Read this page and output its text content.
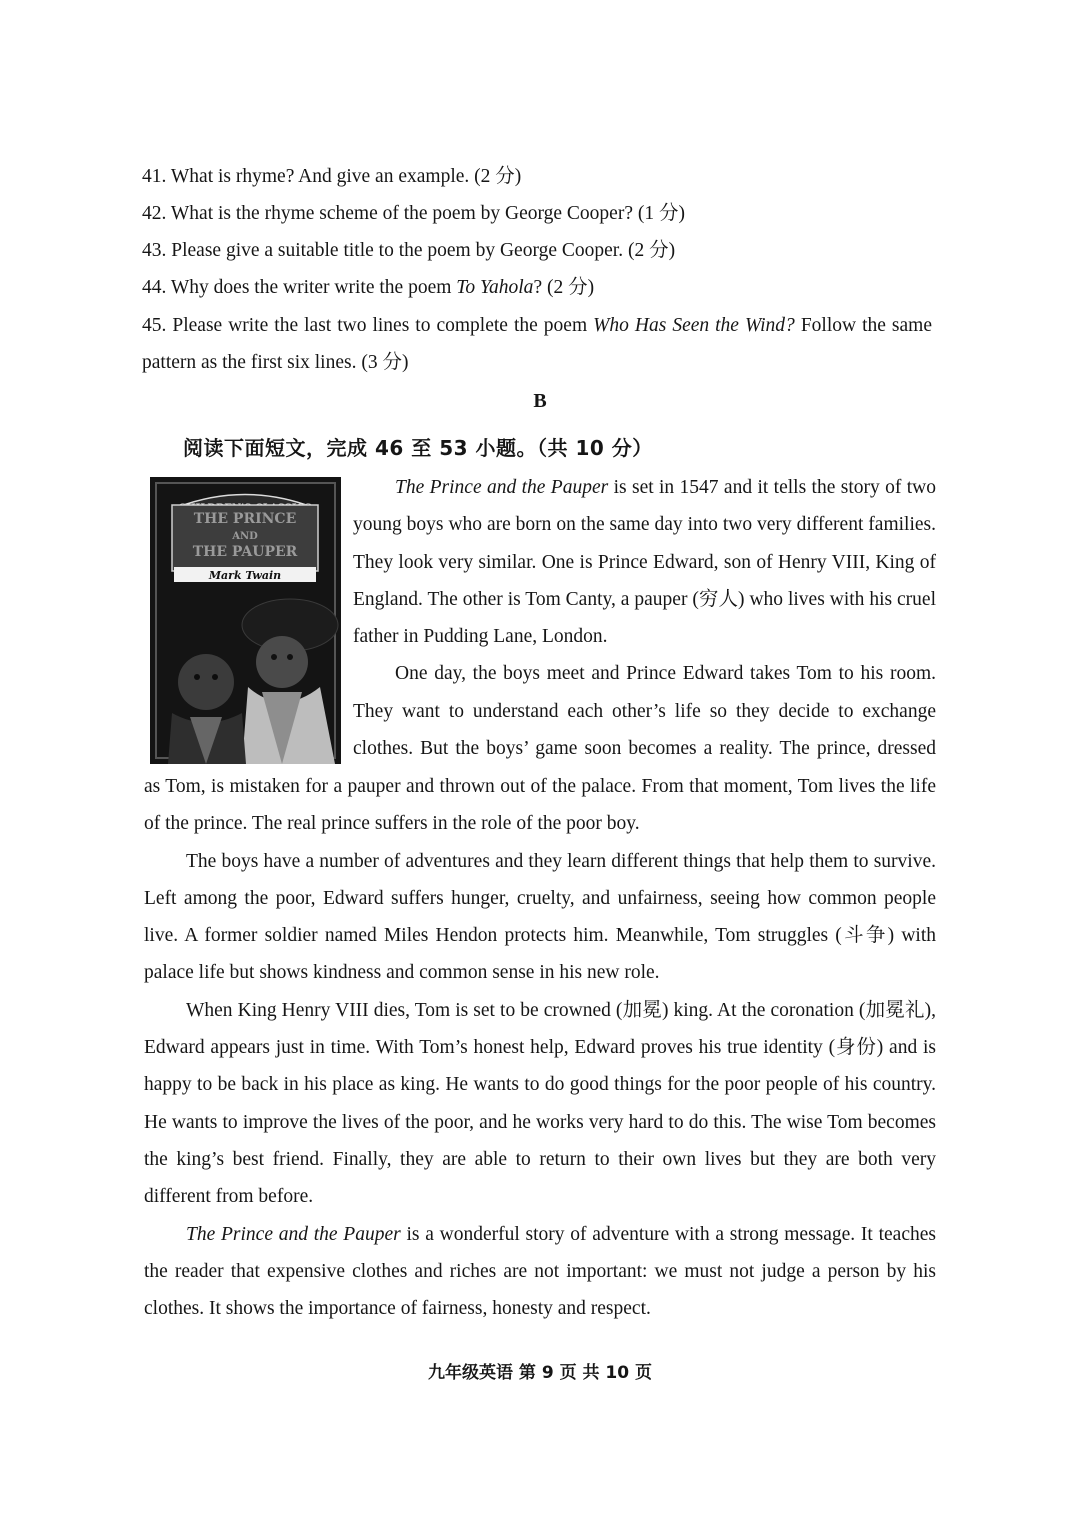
41. What is rhyme? And give an example. (2 分)
42. What is the rhyme scheme of the poem by George Cooper? (1 分)
43. Please give a suitable title to the poem by George Cooper. (2 分)
44. Why does the writer write the poem To Yahola? (2 分)
45. Please write the last two lines to complete the poem Who Has Seen the Wind? Follow the same pattern as the first six lines. (3 分)
B
阅读下面短文，完成 46 至 53 小题。（共 10 分）
THE PRINCE
AND
THE PAUPER
Mark Twain

The Prince and the Pauper is set in 1547 and it tells the story of two young boys who are born on the same day into two very different families. They look very similar. One is Prince Edward, son of Henry VIII, King of England. The other is Tom Canty, a pauper (穷人) who lives with his cruel father in Pudding Lane, London.

One day, the boys meet and Prince Edward takes Tom to his room. They want to understand each other’s life so they decide to exchange clothes. But the boys’ game soon becomes a reality. The prince, dressed

as Tom, is mistaken for a pauper and thrown out of the palace. From that moment, Tom lives the life of the prince. The real prince suffers in the role of the poor boy.

The boys have a number of adventures and they learn different things that help them to survive. Left among the poor, Edward suffers hunger, cruelty, and unfairness, seeing how common people live. A former soldier named Miles Hendon protects him. Meanwhile, Tom struggles (斗争) with palace life but shows kindness and common sense in his new role.

When King Henry VIII dies, Tom is set to be crowned (加冕) king. At the coronation (加冕礼), Edward appears just in time. With Tom’s honest help, Edward proves his true identity (身份) and is happy to be back in his place as king. He wants to do good things for the poor people of his country. He wants to improve the lives of the poor, and he works very hard to do this. The wise Tom becomes the king’s best friend. Finally, they are able to return to their own lives but they are both very different from before.

The Prince and the Pauper is a wonderful story of adventure with a strong message. It teaches the reader that expensive clothes and riches are not important: we must not judge a person by his clothes. It shows the importance of fairness, honesty and respect.

九年级英语 第 9 页 共 10 页
